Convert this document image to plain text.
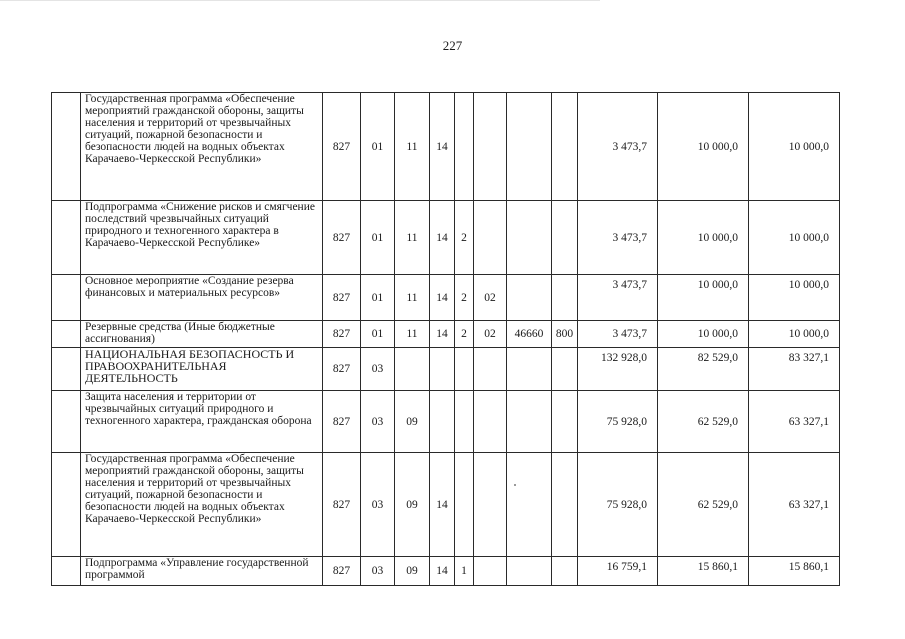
227
	Государственная программа «Обеспечение мероприятий гражданской обороны, защиты населения и территорий от чрезвычайных ситуаций, пожарной безопасности и безопасности людей на водных объектах Карачаево-Черкесской Республики»	827	01	11	14					3 473,7	10 000,0	10 000,0
	Подпрограмма «Снижение рисков и смягчение последствий чрезвычайных ситуаций природного и техногенного характера в Карачаево-Черкесской Республике»	827	01	11	14	2				3 473,7	10 000,0	10 000,0
	Основное мероприятие «Создание резерва финансовых и материальных ресурсов»	827	01	11	14	2	02			3 473,7	10 000,0	10 000,0
	Резервные средства (Иные бюджетные ассигнования)	827	01	11	14	2	02	46660	800	3 473,7	10 000,0	10 000,0
	НАЦИОНАЛЬНАЯ БЕЗОПАСНОСТЬ И ПРАВООХРАНИТЕЛЬНАЯ ДЕЯТЕЛЬНОСТЬ	827	03							132 928,0	82 529,0	83 327,1
	Защита населения и территории от чрезвычайных ситуаций природного и техногенного характера, гражданская оборона	827	03	09						75 928,0	62 529,0	63 327,1
	Государственная программа «Обеспечение мероприятий гражданской обороны, защиты населения и территорий от чрезвычайных ситуаций, пожарной безопасности и безопасности людей на водных объектах Карачаево-Черкесской Республики»	827	03	09	14					75 928,0	62 529,0	63 327,1
	Подпрограмма «Управление государственной программой	827	03	09	14	1				16 759,1	15 860,1	15 860,1
